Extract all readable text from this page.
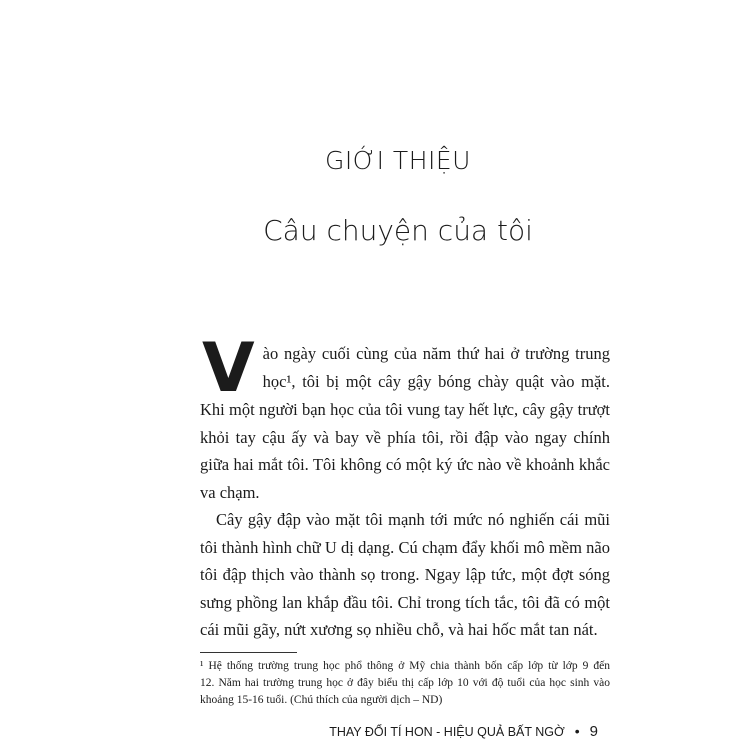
GIỚI THIỆU
Câu chuyện của tôi
V ào ngày cuối cùng của năm thứ hai ở trường trung
học¹, tôi bị một cây gậy bóng chày quật vào mặt.
Khi một người bạn học của tôi vung tay hết lực, cây gậy trượt
khỏi tay cậu ấy và bay về phía tôi, rồi đập vào ngay chính
giữa hai mắt tôi. Tôi không có một ký ức nào về khoảnh khắc
va chạm.
Cây gậy đập vào mặt tôi mạnh tới mức nó nghiến cái mũi
tôi thành hình chữ U dị dạng. Cú chạm đẩy khối mô mềm não
tôi đập thịch vào thành sọ trong. Ngay lập tức, một đợt sóng
sưng phồng lan khắp đầu tôi. Chỉ trong tích tắc, tôi đã có một
cái mũi gãy, nứt xương sọ nhiều chỗ, và hai hốc mắt tan nát.
¹ Hệ thống trường trung học phổ thông ở Mỹ chia thành bốn cấp lớp từ lớp 9 đến
12. Năm hai trường trung học ở đây biểu thị cấp lớp 10 với độ tuổi của học sinh vào
khoảng 15-16 tuổi. (Chú thích của người dịch – ND)
THAY ĐỔI TÍ HON - HIỆU QUẢ BẤT NGỜ • 9
